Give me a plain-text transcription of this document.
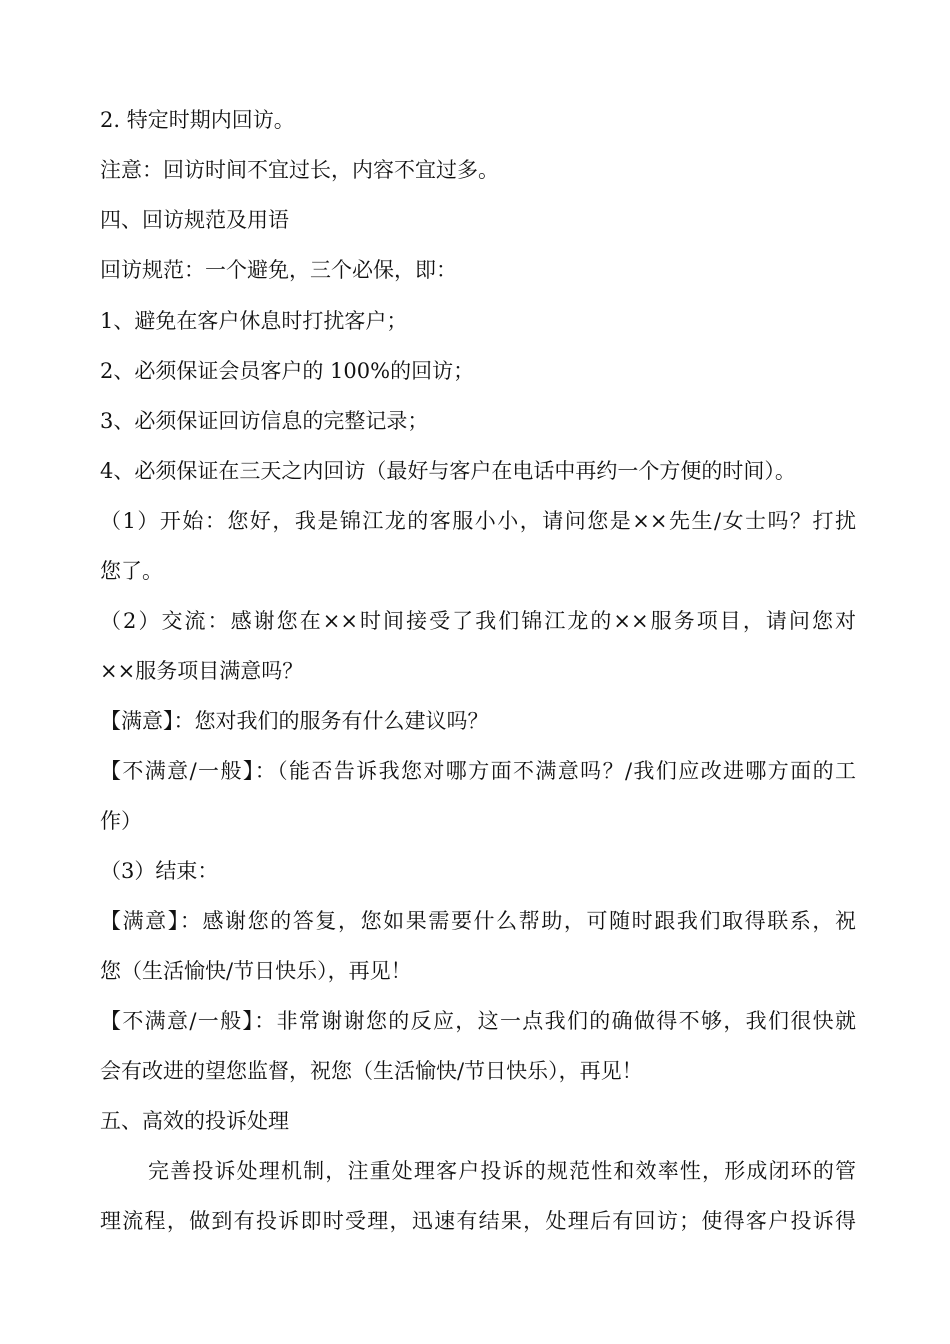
2. 特定时期内回访。
注意：回访时间不宜过长，内容不宜过多。
四、回访规范及用语
回访规范：一个避免，三个必保，即：
1、避免在客户休息时打扰客户；
2、必须保证会员客户的 100%的回访；
3、必须保证回访信息的完整记录；
4、必须保证在三天之内回访（最好与客户在电话中再约一个方便的时间）。
（1）开始：您好，我是锦江龙的客服小小，请问您是××先生/女士吗？打扰
您了。
（2）交流：感谢您在××时间接受了我们锦江龙的××服务项目，请问您对
××服务项目满意吗？
【满意】：您对我们的服务有什么建议吗？
【不满意/一般】：（能否告诉我您对哪方面不满意吗？/我们应改进哪方面的工
作）
（3）结束：
【满意】：感谢您的答复，您如果需要什么帮助，可随时跟我们取得联系，祝
您（生活愉快/节日快乐），再见！
【不满意/一般】：非常谢谢您的反应，这一点我们的确做得不够，我们很快就
会有改进的望您监督，祝您（生活愉快/节日快乐），再见！
五、高效的投诉处理
完善投诉处理机制，注重处理客户投诉的规范性和效率性，形成闭环的管
理流程，做到有投诉即时受理，迅速有结果，处理后有回访；使得客户投诉得
